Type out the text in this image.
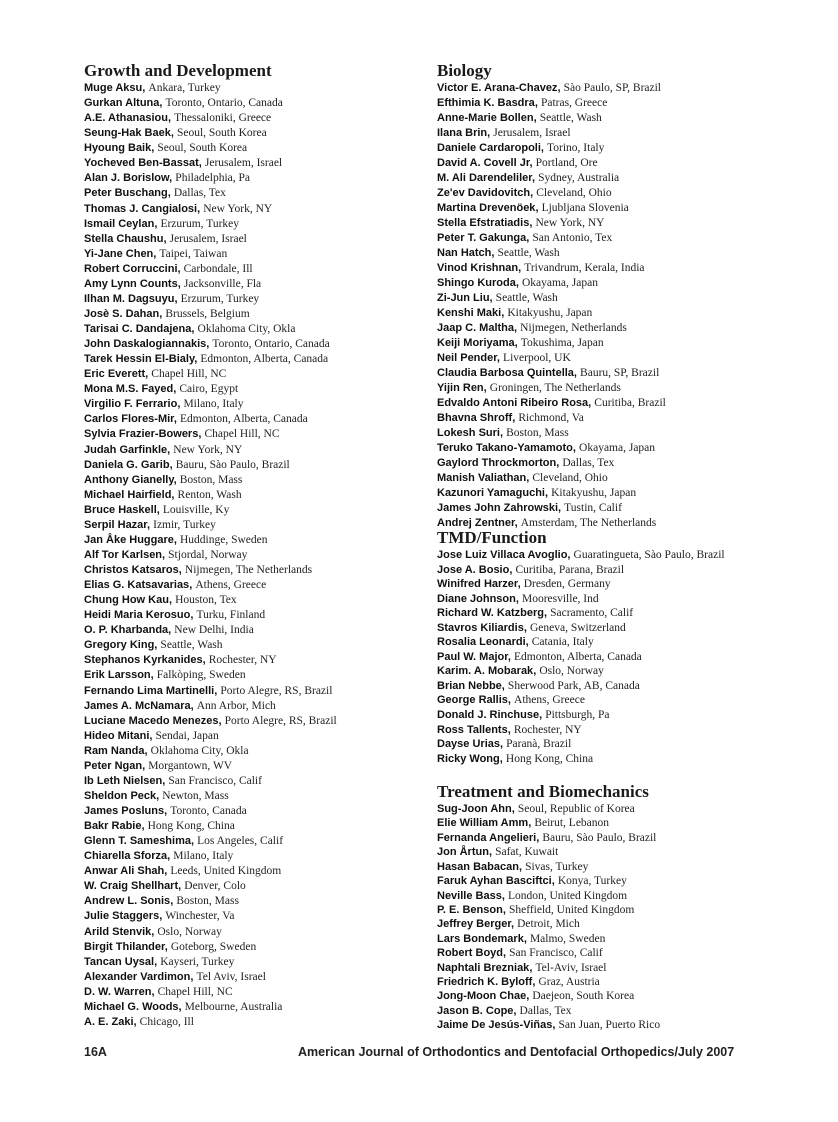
Growth and Development
Muge Aksu, Ankara, Turkey
Gurkan Altuna, Toronto, Ontario, Canada
A.E. Athanasiou, Thessaloniki, Greece
Seung-Hak Baek, Seoul, South Korea
Hyoung Baik, Seoul, South Korea
Yocheved Ben-Bassat, Jerusalem, Israel
Alan J. Borislow, Philadelphia, Pa
Peter Buschang, Dallas, Tex
Thomas J. Cangialosi, New York, NY
Ismail Ceylan, Erzurum, Turkey
Stella Chaushu, Jerusalem, Israel
Yi-Jane Chen, Taipei, Taiwan
Robert Corruccini, Carbondale, Ill
Amy Lynn Counts, Jacksonville, Fla
Ilhan M. Dagsuyu, Erzurum, Turkey
Josè S. Dahan, Brussels, Belgium
Tarisai C. Dandajena, Oklahoma City, Okla
John Daskalogiannakis, Toronto, Ontario, Canada
Tarek Hessin El-Bialy, Edmonton, Alberta, Canada
Eric Everett, Chapel Hill, NC
Mona M.S. Fayed, Cairo, Egypt
Virgilio F. Ferrario, Milano, Italy
Carlos Flores-Mir, Edmonton, Alberta, Canada
Sylvia Frazier-Bowers, Chapel Hill, NC
Judah Garfinkle, New York, NY
Daniela G. Garib, Bauru, Sào Paulo, Brazil
Anthony Gianelly, Boston, Mass
Michael Hairfield, Renton, Wash
Bruce Haskell, Louisville, Ky
Serpil Hazar, Izmir, Turkey
Jan Åke Huggare, Huddinge, Sweden
Alf Tor Karlsen, Stjordal, Norway
Christos Katsaros, Nijmegen, The Netherlands
Elias G. Katsavarias, Athens, Greece
Chung How Kau, Houston, Tex
Heidi Maria Kerosuo, Turku, Finland
O. P. Kharbanda, New Delhi, India
Gregory King, Seattle, Wash
Stephanos Kyrkanides, Rochester, NY
Erik Larsson, Falkòping, Sweden
Fernando Lima Martinelli, Porto Alegre, RS, Brazil
James A. McNamara, Ann Arbor, Mich
Luciane Macedo Menezes, Porto Alegre, RS, Brazil
Hideo Mitani, Sendai, Japan
Ram Nanda, Oklahoma City, Okla
Peter Ngan, Morgantown, WV
Ib Leth Nielsen, San Francisco, Calif
Sheldon Peck, Newton, Mass
James Posluns, Toronto, Canada
Bakr Rabie, Hong Kong, China
Glenn T. Sameshima, Los Angeles, Calif
Chiarella Sforza, Milano, Italy
Anwar Ali Shah, Leeds, United Kingdom
W. Craig Shellhart, Denver, Colo
Andrew L. Sonis, Boston, Mass
Julie Staggers, Winchester, Va
Arild Stenvik, Oslo, Norway
Birgit Thilander, Goteborg, Sweden
Tancan Uysal, Kayseri, Turkey
Alexander Vardimon, Tel Aviv, Israel
D. W. Warren, Chapel Hill, NC
Michael G. Woods, Melbourne, Australia
A. E. Zaki, Chicago, Ill
Biology
Victor E. Arana-Chavez, Sào Paulo, SP, Brazil
Efthimia K. Basdra, Patras, Greece
Anne-Marie Bollen, Seattle, Wash
Ilana Brin, Jerusalem, Israel
Daniele Cardaropoli, Torino, Italy
David A. Covell Jr, Portland, Ore
M. Ali Darendeliler, Sydney, Australia
Ze'ev Davidovitch, Cleveland, Ohio
Martina Drevenöek, Ljubljana Slovenia
Stella Efstratiadis, New York, NY
Peter T. Gakunga, San Antonio, Tex
Nan Hatch, Seattle, Wash
Vinod Krishnan, Trivandrum, Kerala, India
Shingo Kuroda, Okayama, Japan
Zi-Jun Liu, Seattle, Wash
Kenshi Maki, Kitakyushu, Japan
Jaap C. Maltha, Nijmegen, Netherlands
Keiji Moriyama, Tokushima, Japan
Neil Pender, Liverpool, UK
Claudia Barbosa Quintella, Bauru, SP, Brazil
Yijin Ren, Groningen, The Netherlands
Edvaldo Antoni Ribeiro Rosa, Curitiba, Brazil
Bhavna Shroff, Richmond, Va
Lokesh Suri, Boston, Mass
Teruko Takano-Yamamoto, Okayama, Japan
Gaylord Throckmorton, Dallas, Tex
Manish Valiathan, Cleveland, Ohio
Kazunori Yamaguchi, Kitakyushu, Japan
James John Zahrowski, Tustin, Calif
Andrej Zentner, Amsterdam, The Netherlands
TMD/Function
Jose Luiz Villaca Avoglio, Guaratingueta, Sào Paulo, Brazil
Jose A. Bosio, Curitiba, Parana, Brazil
Winifred Harzer, Dresden, Germany
Diane Johnson, Mooresville, Ind
Richard W. Katzberg, Sacramento, Calif
Stavros Kiliardis, Geneva, Switzerland
Rosalia Leonardi, Catania, Italy
Paul W. Major, Edmonton, Alberta, Canada
Karim. A. Mobarak, Oslo, Norway
Brian Nebbe, Sherwood Park, AB, Canada
George Rallis, Athens, Greece
Donald J. Rinchuse, Pittsburgh, Pa
Ross Tallents, Rochester, NY
Dayse Urias, Paranà, Brazil
Ricky Wong, Hong Kong, China
Treatment and Biomechanics
Sug-Joon Ahn, Seoul, Republic of Korea
Elie William Amm, Beirut, Lebanon
Fernanda Angelieri, Bauru, Sào Paulo, Brazil
Jon Årtun, Safat, Kuwait
Hasan Babacan, Sivas, Turkey
Faruk Ayhan Basciftci, Konya, Turkey
Neville Bass, London, United Kingdom
P. E. Benson, Sheffield, United Kingdom
Jeffrey Berger, Detroit, Mich
Lars Bondemark, Malmo, Sweden
Robert Boyd, San Francisco, Calif
Naphtali Brezniak, Tel-Aviv, Israel
Friedrich K. Byloff, Graz, Austria
Jong-Moon Chae, Daejeon, South Korea
Jason B. Cope, Dallas, Tex
Jaime De Jesús-Viñas, San Juan, Puerto Rico
16A	American Journal of Orthodontics and Dentofacial Orthopedics/July 2007
